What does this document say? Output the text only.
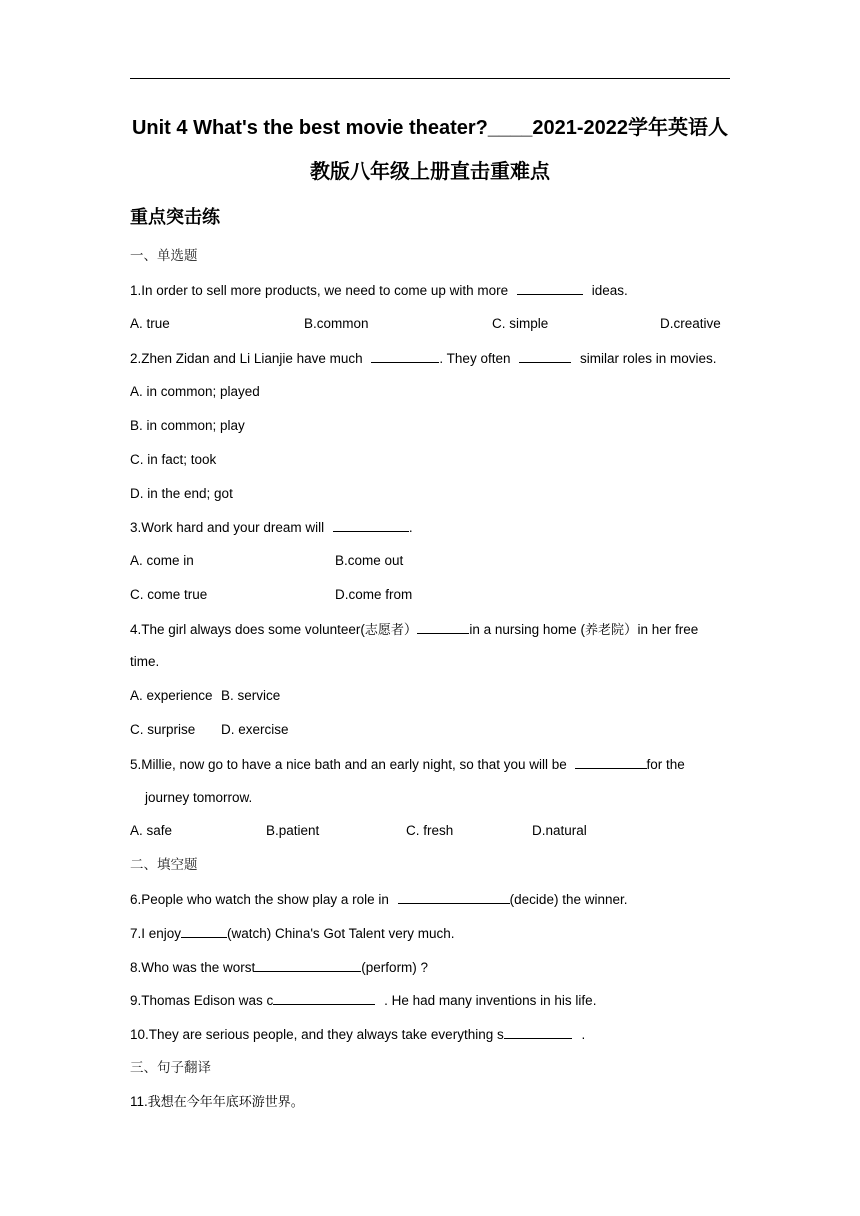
Unit 4 What's the best movie theater?____2021-2022学年英语人
教版八年级上册直击重难点
重点突击练
一、单选题
1.In order to sell more products, we need to come up with more	ideas.
A. true	B.common	C. simple	D.creative
2.Zhen Zidan and Li Lianjie have much	. They often	similar roles in movies.
A. in common; played
B. in common; play
C. in fact; took
D. in the end; got
3.Work hard and your dream will	.
A. come in	B.come out
C. come true	D.come from
4.The girl always does some volunteer(志愿者）	in a nursing home (养老院）in her free
time.
A. experience B. service
C. surprise D. exercise
5.Millie, now go to have a nice bath and an early night, so that you will be	for the
journey tomorrow.
A. safe	B.patient	C. fresh	D.natural
二、填空题
6.People who watch the show play a role in	(decide) the winner.
7.I enjoy	(watch) China's Got Talent very much.
8.Who was the worst	(perform) ?
9.Thomas Edison was c	. He had many inventions in his life.
10.They are serious people, and they always take everything s	.
三、句子翻译
11.我想在今年年底环游世界。
